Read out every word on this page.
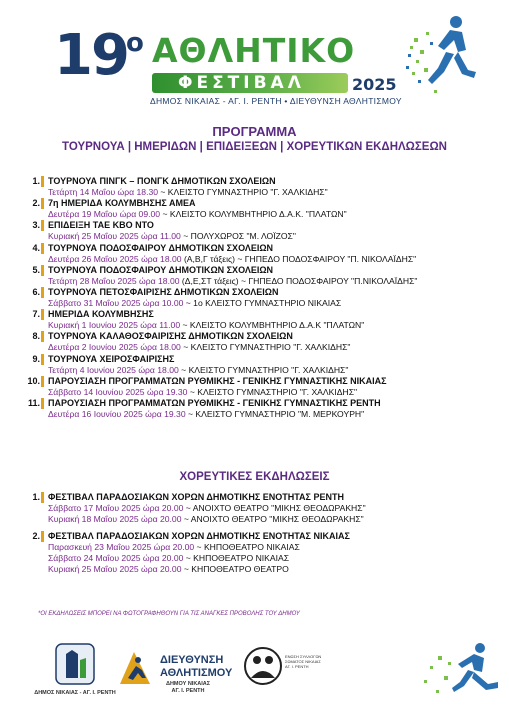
19
ο ΑΘΛΗΤΙΚΟ
ΦΕΣΤΙΒΑΛ	2025
ΔΗΜΟΣ ΝΙΚΑΙΑΣ - ΑΓ. Ι. ΡΕΝΤΗ • ΔΙΕΥΘΥΝΣΗ ΑΘΛΗΤΙΣΜΟΥ
ΠΡΟΓΡΑΜΜΑ
ΤΟΥΡΝΟΥΑ | ΗΜΕΡΙΔΩΝ | ΕΠΙΔΕΙΞΕΩΝ | ΧΟΡΕΥΤΙΚΩΝ ΕΚΔΗΛΩΣΕΩΝ
1. ΤΟΥΡΝΟΥΑ ΠΙΝΓΚ – ΠΟΝΓΚ ΔΗΜΟΤΙΚΩΝ ΣΧΟΛΕΙΩΝ
Τετάρτη 14 Μαΐου ώρα 18.30 ~ ΚΛΕΙΣΤΟ ΓΥΜΝΑΣΤΗΡΙΟ "Γ. ΧΑΛΚΙΔΗΣ"
2. 7η ΗΜΕΡΙΔΑ ΚΟΛΥΜΒΗΣΗΣ ΑΜΕΑ
Δευτέρα 19 Μαΐου ώρα 09.00 ~ ΚΛΕΙΣΤΟ ΚΟΛΥΜΒΗΤΗΡΙΟ Δ.Α.Κ. "ΠΛΑΤΩΝ"
3. ΕΠΙΔΕΙΞΗ ΤΑΕ ΚΒΟ ΝΤΟ
Κυριακή 25 Μαΐου 2025 ώρα 11.00 ~ ΠΟΛΥΧΩΡΟΣ "Μ. ΛΟΪΖΟΣ"
4. ΤΟΥΡΝΟΥΑ ΠΟΔΟΣΦΑΙΡΟΥ ΔΗΜΟΤΙΚΩΝ ΣΧΟΛΕΙΩΝ
Δευτέρα 26 Μαΐου 2025 ώρα 18.00 (Α,Β,Γ τάξεις) ~ ΓΗΠΕΔΟ ΠΟΔΟΣΦΑΙΡΟΥ "Π. ΝΙΚΟΛΑΪΔΗΣ"
5. ΤΟΥΡΝΟΥΑ ΠΟΔΟΣΦΑΙΡΟΥ ΔΗΜΟΤΙΚΩΝ ΣΧΟΛΕΙΩΝ
Τετάρτη 28 Μαΐου 2025 ώρα 18.00 (Δ,Ε,ΣΤ τάξεις) ~ ΓΗΠΕΔΟ ΠΟΔΟΣΦΑΙΡΟΥ "Π.ΝΙΚΟΛΑΪΔΗΣ"
6. ΤΟΥΡΝΟΥΑ ΠΕΤΟΣΦΑΙΡΙΣΗΣ ΔΗΜΟΤΙΚΩΝ ΣΧΟΛΕΙΩΝ
Σάββατο 31 Μαΐου 2025 ώρα 10.00 ~ 1ο ΚΛΕΙΣΤΟ ΓΥΜΝΑΣΤΗΡΙΟ ΝΙΚΑΙΑΣ
7. ΗΜΕΡΙΔΑ ΚΟΛΥΜΒΗΣΗΣ
Κυριακή 1 Ιουνίου 2025 ώρα 11.00 ~ ΚΛΕΙΣΤΟ ΚΟΛΥΜΒΗΤΗΡΙΟ Δ.Α.Κ "ΠΛΑΤΩΝ"
8. ΤΟΥΡΝΟΥΑ ΚΑΛΑΘΟΣΦΑΙΡΙΣΗΣ ΔΗΜΟΤΙΚΩΝ ΣΧΟΛΕΙΩΝ
Δευτέρα 2 Ιουνίου 2025 ώρα 18.00 ~ ΚΛΕΙΣΤΟ ΓΥΜΝΑΣΤΗΡΙΟ "Γ. ΧΑΛΚΙΔΗΣ"
9. ΤΟΥΡΝΟΥΑ ΧΕΙΡΟΣΦΑΙΡΙΣΗΣ
Τετάρτη 4 Ιουνίου 2025 ώρα 18.00 ~ ΚΛΕΙΣΤΟ ΓΥΜΝΑΣΤΗΡΙΟ "Γ. ΧΑΛΚΙΔΗΣ"
10. ΠΑΡΟΥΣΙΑΣΗ ΠΡΟΓΡΑΜΜΑΤΩΝ ΡΥΘΜΙΚΗΣ - ΓΕΝΙΚΗΣ ΓΥΜΝΑΣΤΙΚΗΣ ΝΙΚΑΙΑΣ
Σάββατο 14 Ιουνίου 2025 ώρα 19.30 ~ ΚΛΕΙΣΤΟ ΓΥΜΝΑΣΤΗΡΙΟ "Γ. ΧΑΛΚΙΔΗΣ"
11. ΠΑΡΟΥΣΙΑΣΗ ΠΡΟΓΡΑΜΜΑΤΩΝ ΡΥΘΜΙΚΗΣ - ΓΕΝΙΚΗΣ ΓΥΜΝΑΣΤΙΚΗΣ ΡΕΝΤΗ
Δευτέρα 16 Ιουνίου 2025 ώρα 19.30 ~ ΚΛΕΙΣΤΟ ΓΥΜΝΑΣΤΗΡΙΟ "Μ. ΜΕΡΚΟΥΡΗ"
ΧΟΡΕΥΤΙΚΕΣ ΕΚΔΗΛΩΣΕΙΣ
1. ΦΕΣΤΙΒΑΛ ΠΑΡΑΔΟΣΙΑΚΩΝ ΧΟΡΩΝ ΔΗΜΟΤΙΚΗΣ ΕΝΟΤΗΤΑΣ ΡΕΝΤΗ
Σάββατο 17 Μαΐου 2025 ώρα 20.00 ~ ΑΝΟΙΧΤΟ ΘΕΑΤΡΟ "ΜΙΚΗΣ ΘΕΟΔΩΡΑΚΗΣ"
Κυριακή 18 Μαΐου 2025 ώρα 20.00 ~ ΑΝΟΙΧΤΟ ΘΕΑΤΡΟ "ΜΙΚΗΣ ΘΕΟΔΩΡΑΚΗΣ"
2. ΦΕΣΤΙΒΑΛ ΠΑΡΑΔΟΣΙΑΚΩΝ ΧΟΡΩΝ ΔΗΜΟΤΙΚΗΣ ΕΝΟΤΗΤΑΣ ΝΙΚΑΙΑΣ
Παρασκευή 23 Μαΐου 2025 ώρα 20.00 ~ ΚΗΠΟΘΕΑΤΡΟ ΝΙΚΑΙΑΣ
Σάββατο 24 Μαΐου 2025 ώρα 20.00 ~ ΚΗΠΟΘΕΑΤΡΟ ΝΙΚΑΙΑΣ
Κυριακή 25 Μαΐου 2025 ώρα 20.00 ~ ΚΗΠΟΘΕΑΤΡΟ ΘΕΑΤΡΟ
*ΟΙ ΕΚΔΗΛΩΣΕΙΣ ΜΠΟΡΕΙ ΝΑ ΦΩΤΟΓΡΑΦΗΘΟΥΝ ΓΙΑ ΤΙΣ ΑΝΑΓΚΕΣ ΠΡΟΒΟΛΗΣ ΤΟΥ ΔΗΜΟΥ
ΔΗΜΟΣ ΝΙΚΑΙΑΣ - ΑΓ. Ι. ΡΕΝΤΗ
ΔΙΕΥΘΥΝΣΗ
ΑΘΛΗΤΙΣΜΟΥ
ΔΗΜΟΥ ΝΙΚΑΙΑΣ
ΑΓ. Ι. ΡΕΝΤΗ
ΕΝΩΣΗ ΣΥΛΛΟΓΩΝ ΣΩΜΑΤΟΣ ΝΙΚΑΙΑΣ ΑΓ. Ι. ΡΕΝΤΗ
